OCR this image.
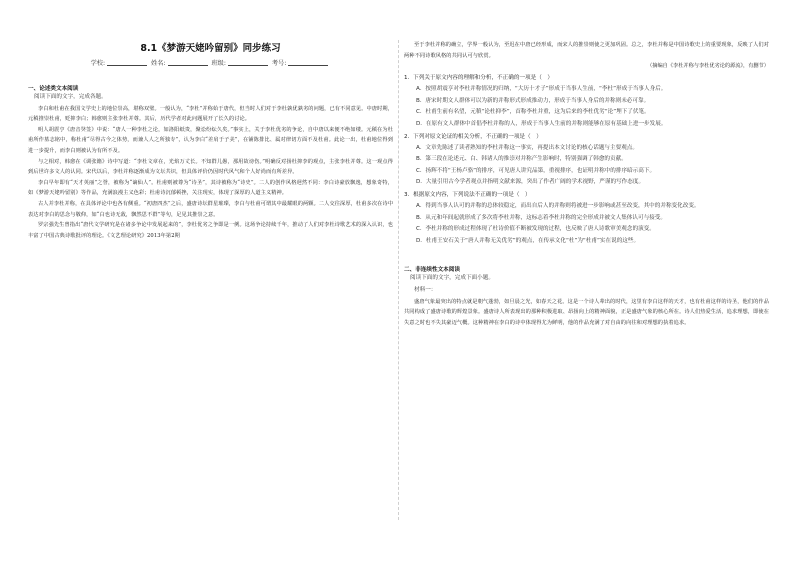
8.1《梦游天姥吟留别》同步练习
学校:	姓名:	班级:	考号:

一、论述类文本阅读

阅读下面的文字，完成各题。

李白和杜甫在我国文学史上的地位崇高，堪称双璧。一般认为，“李杜”并称始于唐代，但当时人们对于李杜孰优孰劣的问题，已有不同意见。中唐时期，元稹推崇杜甫，贬抑李白；韩愈则主张李杜并尊。其后，历代学者对此问题展开了长久的讨论。

明人胡震亨《唐音癸签》中说：“唐人一种李杜之论，如洛阳纸贵，聚讼纷纭久矣。”事实上，关于李杜优劣的争论，自中唐以来便不绝如缕。元稹在为杜甫所作墓志铭中，称杜甫“尽得古今之体势，而兼人人之所独专”，认为李白“差肩于子美”，在铺陈排比、属对律切方面不及杜甫。此论一出，杜甫地位得到进一步提升，而李白则被认为有所不及。

与之相对，韩愈在《调张籍》诗中写道：“李杜文章在，光焰万丈长。不知群儿愚，那用故谤伤。”明确反对扬杜抑李的观点，主张李杜并尊。这一观点得到后世许多文人的认同。宋代以后，李杜并称逐渐成为文坛共识，但具体评价仍因时代风气和个人好尚而有所差异。

李白早年即有“天才英丽”之誉，被称为“谪仙人”。杜甫则被尊为“诗圣”，其诗被称为“诗史”。二人的创作风格迥然不同：李白诗豪放飘逸，想象奇特，如《梦游天姥吟留别》等作品，充满浪漫主义色彩；杜甫诗沉郁顿挫，关注现实，体现了深厚的人道主义精神。

古人并李杜并称，在具体评论中也各有侧重。“初唐四杰”之后，盛唐诗坛群星璀璨，李白与杜甫可谓其中最耀眼的两颗。二人交往深厚，杜甫多次在诗中表达对李白的思念与敬仰，如“白也诗无敌，飘然思不群”等句，足见其推崇之意。

罗宗强先生曾指出“唐代文学研究是在诸多争论中发展起来的”，李杜优劣之争即是一例。这场争论持续千年，推动了人们对李杜诗歌艺术的深入认识，也丰富了中国古典诗歌批评的理论。《文艺理论研究》2013年第2期

至于李杜并称的确立，学界一般认为，至迟在中唐已经形成，而宋人的推崇则使之更加巩固。总之，李杜并称是中国诗歌史上的重要现象，反映了人们对两种不同诗歌风格的共同认可与欣赏。

（摘编自《李杜并称与李杜优劣论的源流》，有删节）

1．下列关于原文内容的理解和分析，不正确的一项是（　）

A．按照胡震亨对李杜并称情况的归纳，“大历十才子”形成于当事人生前，“李杜”形成于当事人身后。

B．唐宋时期文人群体可以为新的并称形式形成推动力，形成于当事人身后的并称则未必可靠。

C．杜甫生前有名望，元稹“论杜抑李”，首称李杜并重，这为后来的李杜优劣“论”埋下了伏笔。

D．在原有文人群体中首倡李杜并称的人，形成于当事人生前的并称则能够在原有基础上进一步发展。

2．下列对原文论证的相关分析，不正确的一项是（　）

A．文章先陈述了读者熟知的李杜并称这一事实，再提出本文讨论的核心话题与主要观点。

B．第三段在论述元、白、韩诸人的推崇对并称产生影响时，特别强调了韩愈的贡献。

C．扬辉不将“王杨卢骆”的排序，可见唐人讲究品第，重视排序，也证明并称中的排序暗示高下。

D．大量引用古今学者观点并指明文献来源，突出了作者广阔的学术视野，严谨的写作态度。

3．根据原文内容，下列说法不正确的一项是（　）

A．得到当事人认可的并称的总体较稳定，而出自后人的并称则将被进一步影响或甚至改变，其中的并称变化改变。

B．从元和年间起就形成了多次将李杜并称，这标志着李杜并称的完全形成并被文人集体认可与接受。

C．李杜并称的形成过程体现了杜诗价值不断被发现的过程，也反映了唐人诗歌审美观念的演变。

D．杜甫王安石关于“唐人并称无关优劣”的观点，在传承文化“杜”为“杜甫”实在说的这些。

二、非连续性文本阅读

阅读下面的文字，完成下面小题。

材料一：

盛唐气象最突出的特点就是朝气蓬勃，如旦晨之光，如春天之花。这是一个诗人辈出的时代，这里有李白这样的天才，也有杜甫这样的诗圣，他们的作品共同构成了盛唐诗歌的辉煌景象。盛唐诗人所表现出的那种积极进取、昂扬向上的精神面貌，正是盛唐气象的核心所在。诗人们热爱生活，追求理想，即使在失意之时也不失其豪迈气概。这种精神在李白的诗中体现得尤为鲜明，他的作品充满了对自由的向往和对理想的执着追求。
